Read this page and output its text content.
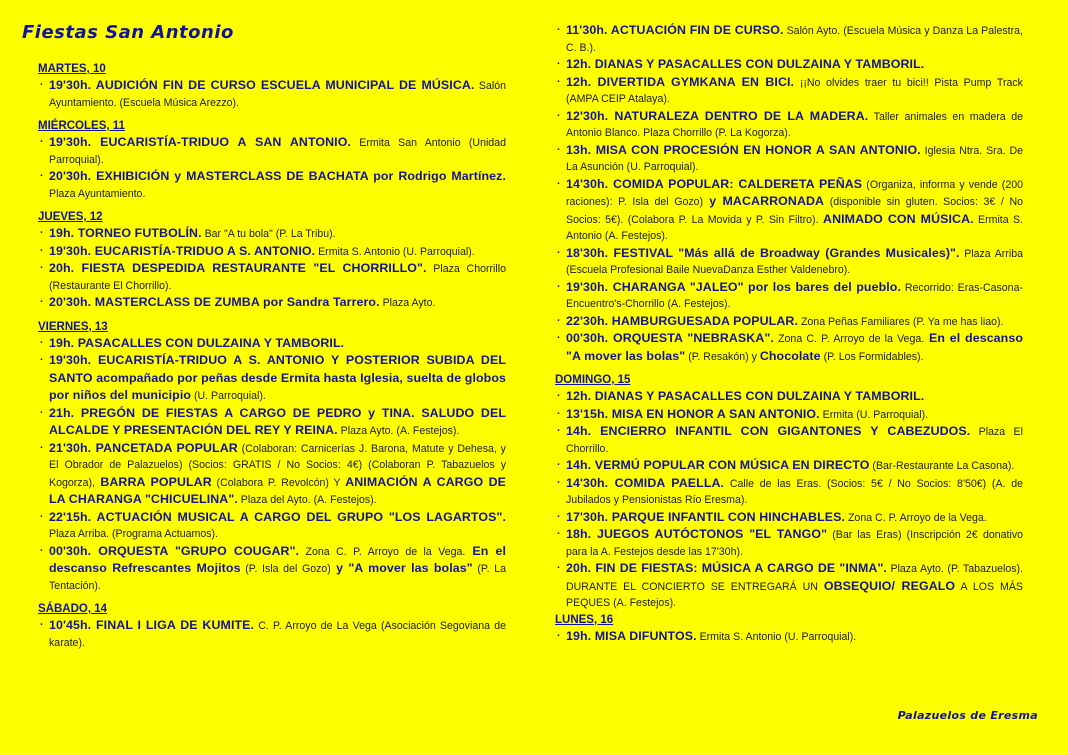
Fiestas San Antonio
MARTES, 10

· 19'30h. AUDICIÓN FIN DE CURSO ESCUELA MUNICIPAL DE MÚSICA. Salón Ayuntamiento. (Escuela Música Arezzo).

MIÉRCOLES, 11

· 19'30h. EUCARISTÍA-TRIDUO A SAN ANTONIO. Ermita San Antonio (Unidad Parroquial).

· 20'30h. EXHIBICIÓN y MASTERCLASS DE BACHATA por Rodrigo Martínez. Plaza Ayuntamiento.

JUEVES, 12

· 19h. TORNEO FUTBOLÍN. Bar "A tu bola" (P. La Tribu).

· 19'30h. EUCARISTÍA-TRIDUO A S. ANTONIO. Ermita S. Antonio (U. Parroquial).

· 20h. FIESTA DESPEDIDA RESTAURANTE "EL CHORRILLO". Plaza Chorrillo (Restaurante El Chorrillo).

· 20'30h. MASTERCLASS DE ZUMBA por Sandra Tarrero. Plaza Ayto.

VIERNES, 13

· 19h. PASACALLES CON DULZAINA Y TAMBORIL.

· 19'30h. EUCARISTÍA-TRIDUO A S. ANTONIO Y POSTERIOR SUBIDA DEL SANTO acompañado por peñas desde Ermita hasta Iglesia, suelta de globos por niños del municipio (U. Parroquial).

· 21h. PREGÓN DE FIESTAS A CARGO DE PEDRO y TINA. SALUDO DEL ALCALDE Y PRESENTACIÓN DEL REY Y REINA. Plaza Ayto. (A. Festejos).

· 21'30h. PANCETADA POPULAR (Colaboran: Carnicerías J. Barona, Matute y Dehesa, y El Obrador de Palazuelos) (Socios: GRATIS / No Socios: 4€) (Colaboran P. Tabazuelos y Kogorza), BARRA POPULAR (Colabora P. Revolcón) Y ANIMACIÓN A CARGO DE LA CHARANGA "CHICUELINA". Plaza del Ayto. (A. Festejos).

· 22'15h. ACTUACIÓN MUSICAL A CARGO DEL GRUPO "LOS LAGARTOS". Plaza Arriba. (Programa Actuamos).

· 00'30h. ORQUESTA "GRUPO COUGAR". Zona C. P. Arroyo de la Vega. En el descanso Refrescantes Mojitos (P. Isla del Gozo) y "A mover las bolas" (P. La Tentación).

SÁBADO, 14

· 10'45h. FINAL I LIGA DE KUMITE. C. P. Arroyo de La Vega (Asociación Segoviana de karate).

· 11'30h. ACTUACIÓN FIN DE CURSO. Salón Ayto. (Escuela Música y Danza La Palestra, C. B.).

· 12h. DIANAS Y PASACALLES CON DULZAINA Y TAMBORIL.

· 12h. DIVERTIDA GYMKANA EN BICI. ¡¡No olvides traer tu bici!! Pista Pump Track (AMPA CEIP Atalaya).

· 12'30h. NATURALEZA DENTRO DE LA MADERA. Taller animales en madera de Antonio Blanco. Plaza Chorrillo (P. La Kogorza).

· 13h. MISA CON PROCESIÓN EN HONOR A SAN ANTONIO. Iglesia Ntra. Sra. De La Asunción (U. Parroquial).

· 14'30h. COMIDA POPULAR: CALDERETA PEÑAS (Organiza, informa y vende (200 raciones): P. Isla del Gozo) y MACARRONADA (disponible sin gluten. Socios: 3€ / No Socios: 5€). (Colabora P. La Movida y P. Sin Filtro). ANIMADO CON MÚSICA. Ermita S. Antonio (A. Festejos).

· 18'30h. FESTIVAL "Más allá de Broadway (Grandes Musicales)". Plaza Arriba (Escuela Profesional Baile NuevaDanza Esther Valdenebro).

· 19'30h. CHARANGA "JALEO" por los bares del pueblo. Recorrido: Eras-Casona-Encuentro's-Chorrillo (A. Festejos).

· 22'30h. HAMBURGUESADA POPULAR. Zona Peñas Familiares (P. Ya me has liao).

· 00'30h. ORQUESTA "NEBRASKA". Zona C. P. Arroyo de la Vega. En el descanso "A mover las bolas" (P. Resakón) y Chocolate (P. Los Formidables).

DOMINGO, 15

· 12h. DIANAS Y PASACALLES CON DULZAINA Y TAMBORIL.

· 13'15h. MISA EN HONOR A SAN ANTONIO. Ermita (U. Parroquial).

· 14h. ENCIERRO INFANTIL CON GIGANTONES Y CABEZUDOS. Plaza El Chorrillo.

· 14h. VERMÚ POPULAR CON MÚSICA EN DIRECTO (Bar-Restaurante La Casona).

· 14'30h. COMIDA PAELLA. Calle de las Eras. (Socios: 5€ / No Socios: 8'50€) (A. de Jubilados y Pensionistas Río Eresma).

· 17'30h. PARQUE INFANTIL CON HINCHABLES. Zona C. P. Arroyo de la Vega.

· 18h. JUEGOS AUTÓCTONOS "EL TANGO" (Bar las Eras) (Inscripción 2€ donativo para la A. Festejos desde las 17'30h).

· 20h. FIN DE FIESTAS: MÚSICA A CARGO DE "INMA". Plaza Ayto. (P. Tabazuelos). DURANTE EL CONCIERTO SE ENTREGARÁ UN OBSEQUIO/ REGALO A LOS MÁS PEQUES (A. Festejos).

LUNES, 16

· 19h. MISA DIFUNTOS. Ermita S. Antonio (U. Parroquial).

Palazuelos de Eresma
